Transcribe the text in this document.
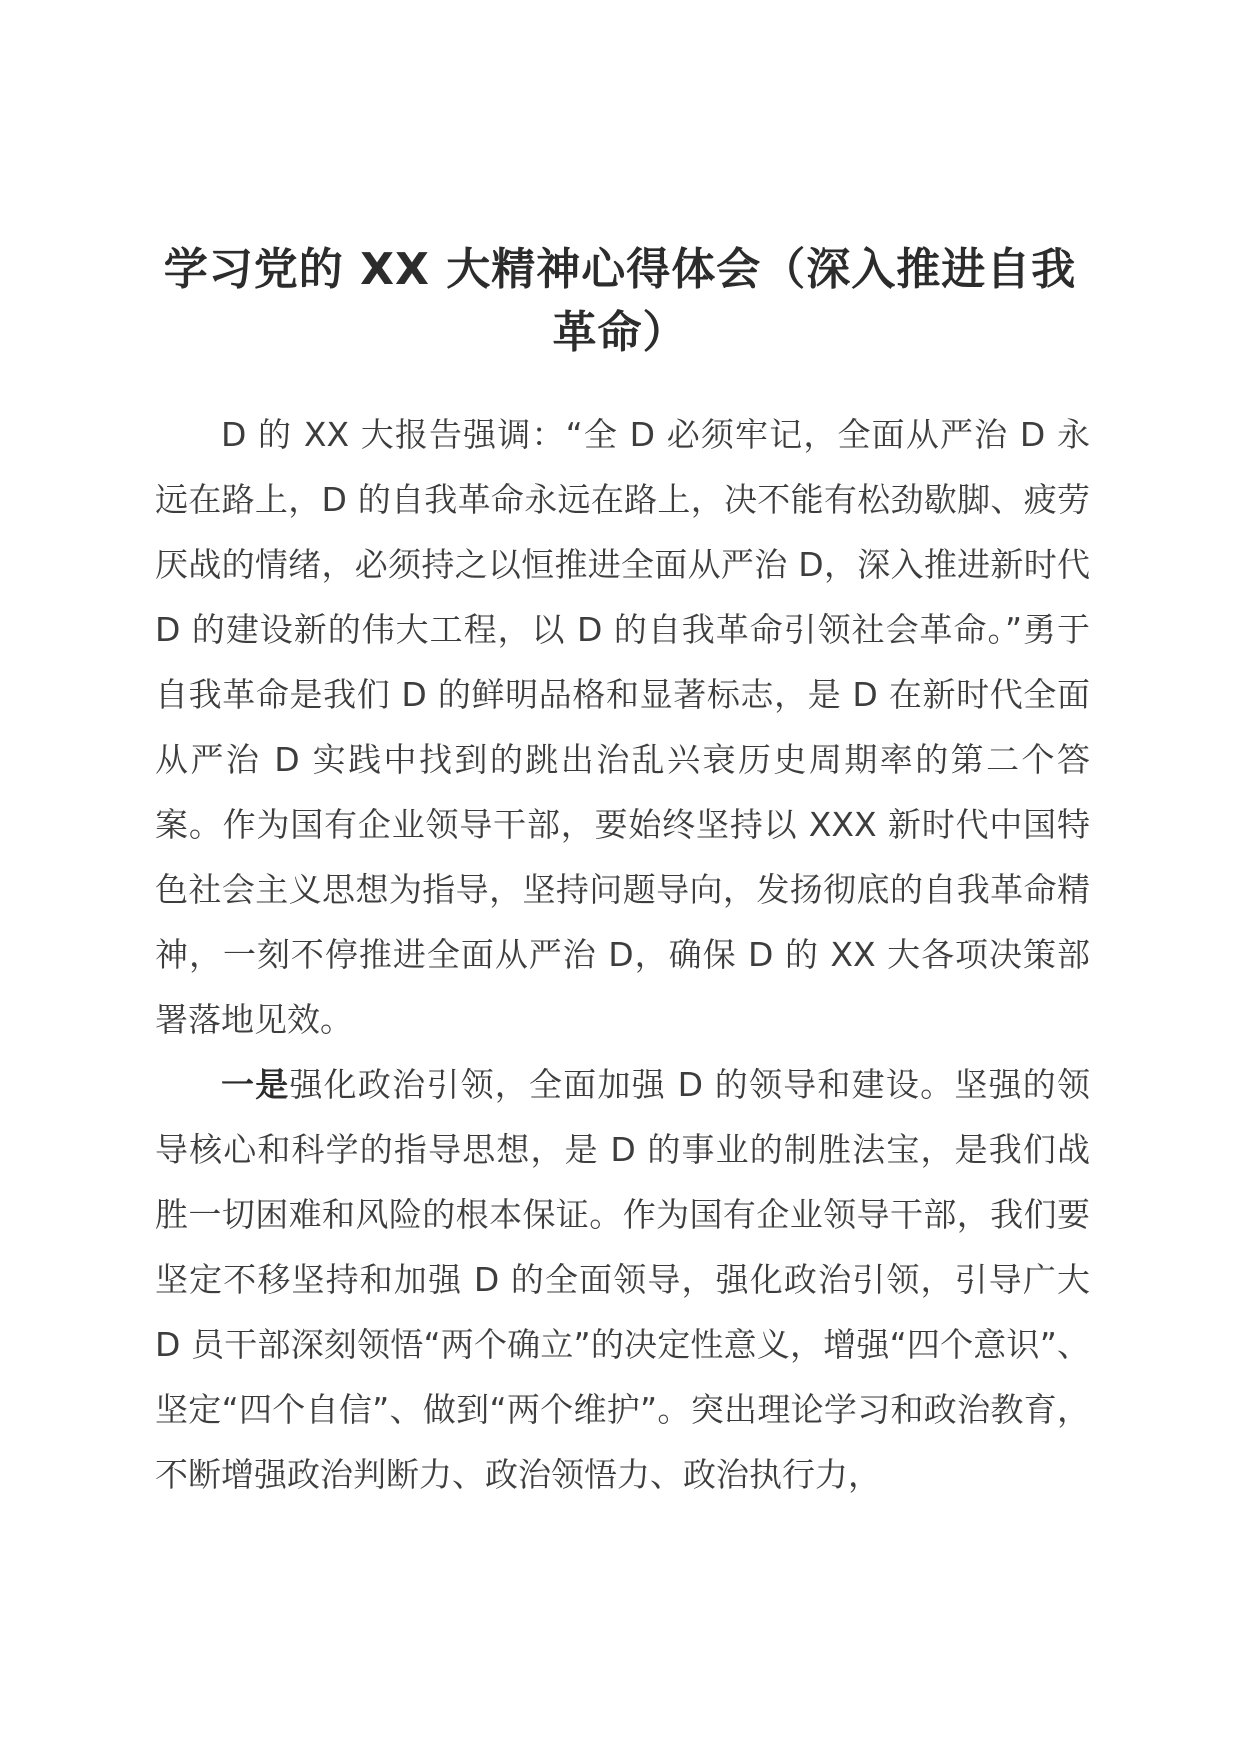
学习党的 XX 大精神心得体会（深入推进自我革命）

D 的 XX 大报告强调：“全 D 必须牢记，全面从严治 D 永远在路上，D 的自我革命永远在路上，决不能有松劲歇脚、疲劳厌战的情绪，必须持之以恒推进全面从严治 D，深入推进新时代 D 的建设新的伟大工程，以 D 的自我革命引领社会革命。”勇于自我革命是我们 D 的鲜明品格和显著标志，是 D 在新时代全面从严治 D 实践中找到的跳出治乱兴衰历史周期率的第二个答案。作为国有企业领导干部，要始终坚持以 XXX 新时代中国特色社会主义思想为指导，坚持问题导向，发扬彻底的自我革命精神，一刻不停推进全面从严治 D，确保 D 的 XX 大各项决策部署落地见效。

一是强化政治引领，全面加强 D 的领导和建设。坚强的领导核心和科学的指导思想，是 D 的事业的制胜法宝，是我们战胜一切困难和风险的根本保证。作为国有企业领导干部，我们要坚定不移坚持和加强 D 的全面领导，强化政治引领，引导广大 D 员干部深刻领悟“两个确立”的决定性意义，增强“四个意识”、坚定“四个自信”、做到“两个维护”。突出理论学习和政治教育，不断增强政治判断力、政治领悟力、政治执行力，
